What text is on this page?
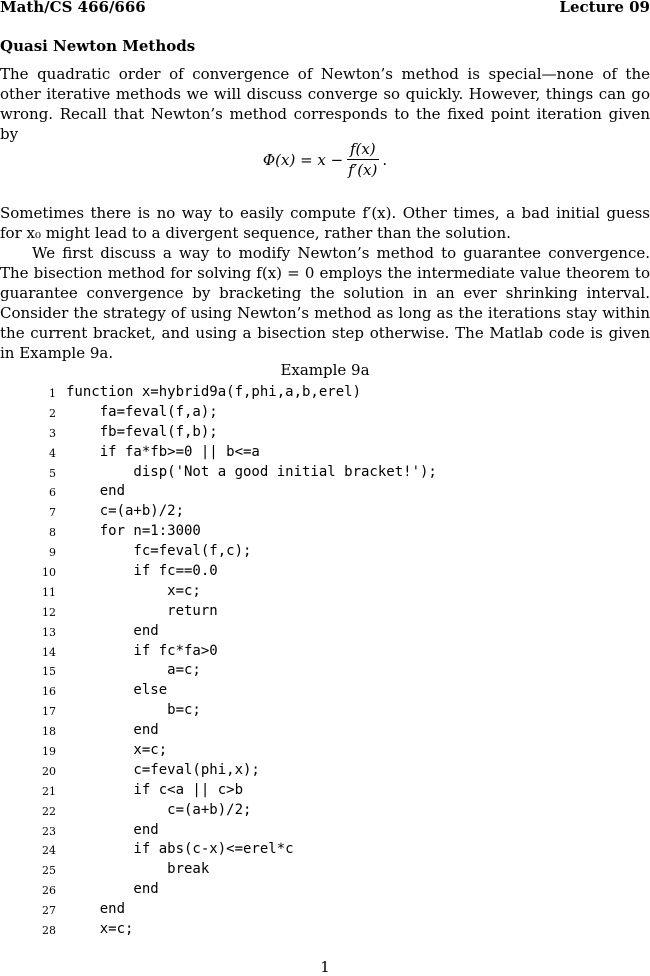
Math/CS 466/666	Lecture 09
Quasi Newton Methods

The quadratic order of convergence of Newton’s method is special—none of the other iterative methods we will discuss converge so quickly. However, things can go wrong. Recall that Newton’s method corresponds to the fixed point iteration given by

$\Phi(x) = x - \frac{f(x)}{f'(x)}$ .

Sometimes there is no way to easily compute f′(x). Other times, a bad initial guess for x₀ might lead to a divergent sequence, rather than the solution.

We first discuss a way to modify Newton’s method to guarantee convergence. The bisection method for solving f(x) = 0 employs the intermediate value theorem to guarantee convergence by bracketing the solution in an ever shrinking interval. Consider the strategy of using Newton’s method as long as the iterations stay within the current bracket, and using a bisection step otherwise. The Matlab code is given in Example 9a.

Example 9a
1 function x=hybrid9a(f,phi,a,b,erel)
2 fa=feval(f,a);
3 fb=feval(f,b);
4 if fa*fb>=0 || b<=a
5 disp('Not a good initial bracket!');
6 end
7 c=(a+b)/2;
8 for n=1:3000
9 fc=feval(f,c);
10 if fc==0.0
11 x=c;
12 return
13 end
14 if fc*fa>0
15 a=c;
16 else
17 b=c;
18 end
19 x=c;
20 c=feval(phi,x);
21 if c<a || c>b
22 c=(a+b)/2;
23 end
24 if abs(c-x)<=erel*c
25 break
26 end
27 end
28 x=c;
1
